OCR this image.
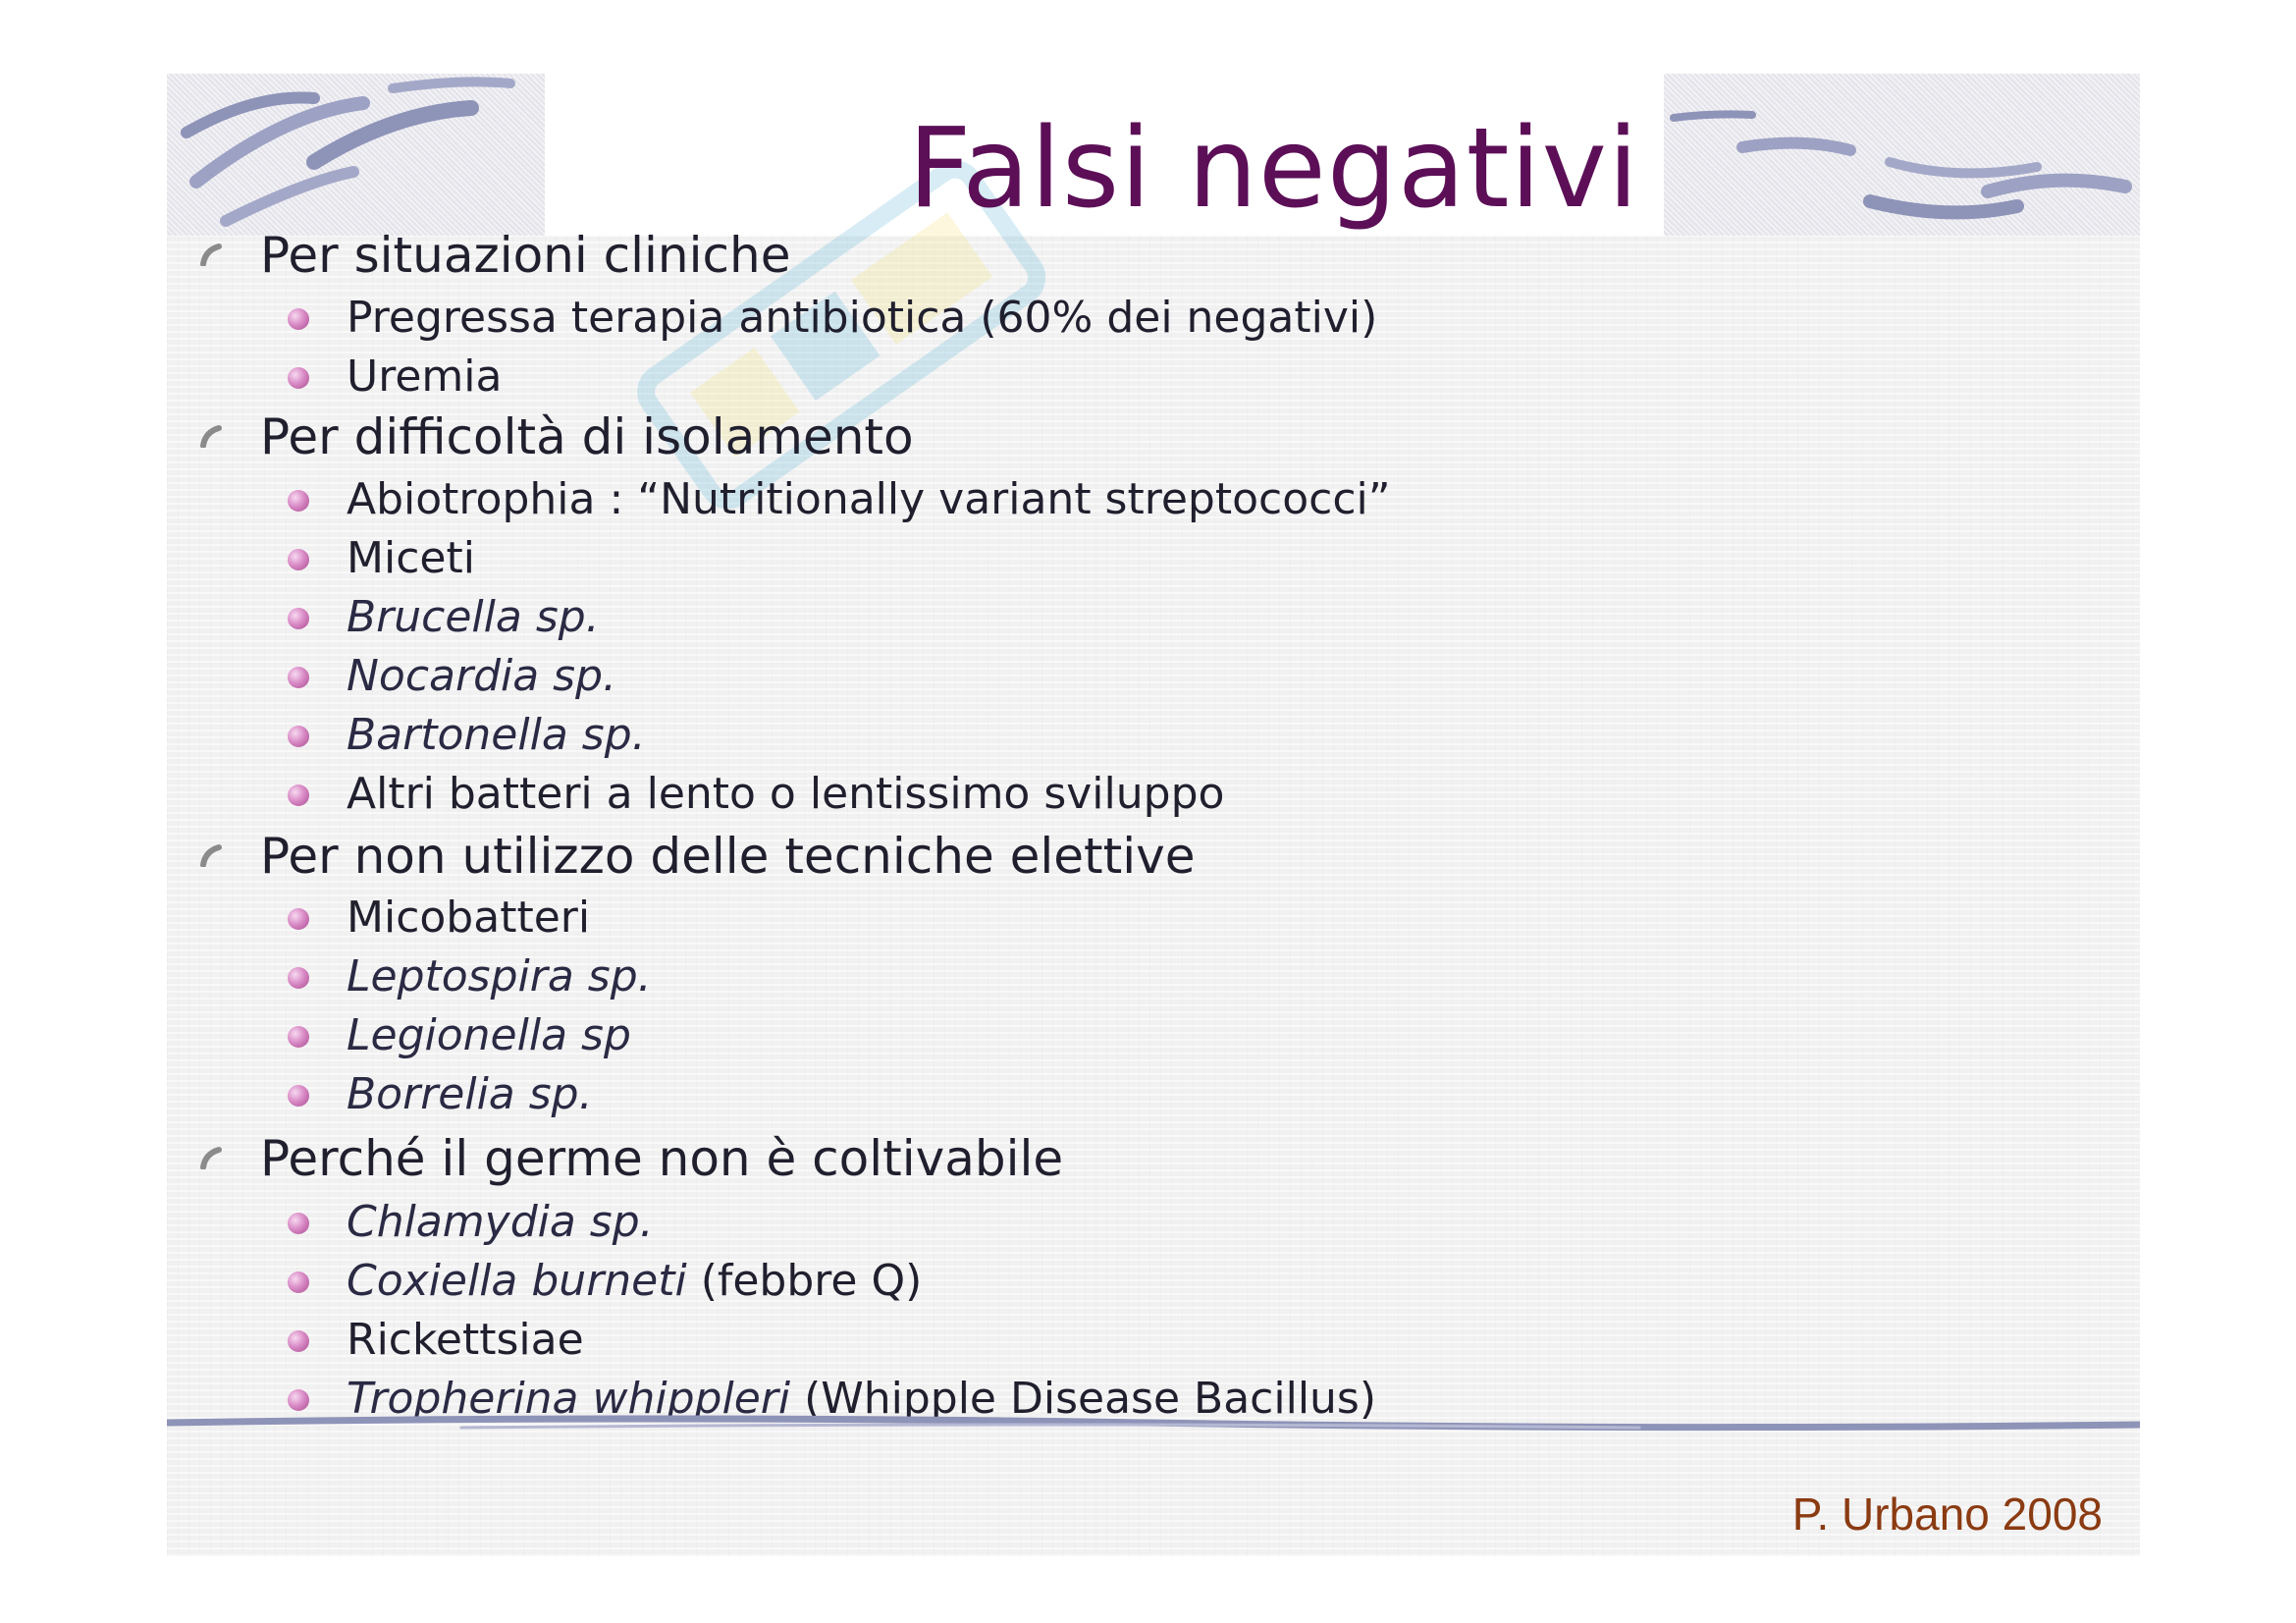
Falsi negativi
Per situazioni cliniche
Pregressa terapia antibiotica (60% dei negativi)
Uremia
Per difficoltà di isolamento
Abiotrophia : “Nutritionally variant streptococci”
Miceti
Brucella sp.
Nocardia sp.
Bartonella sp.
Altri batteri a lento o lentissimo sviluppo
Per non utilizzo delle tecniche elettive
Micobatteri
Leptospira sp.
Legionella sp
Borrelia sp.
Perché il germe non è coltivabile
Chlamydia sp.
Coxiella burneti (febbre Q)
Rickettsiae
Tropherina whippleri (Whipple Disease Bacillus)
P. Urbano 2008
